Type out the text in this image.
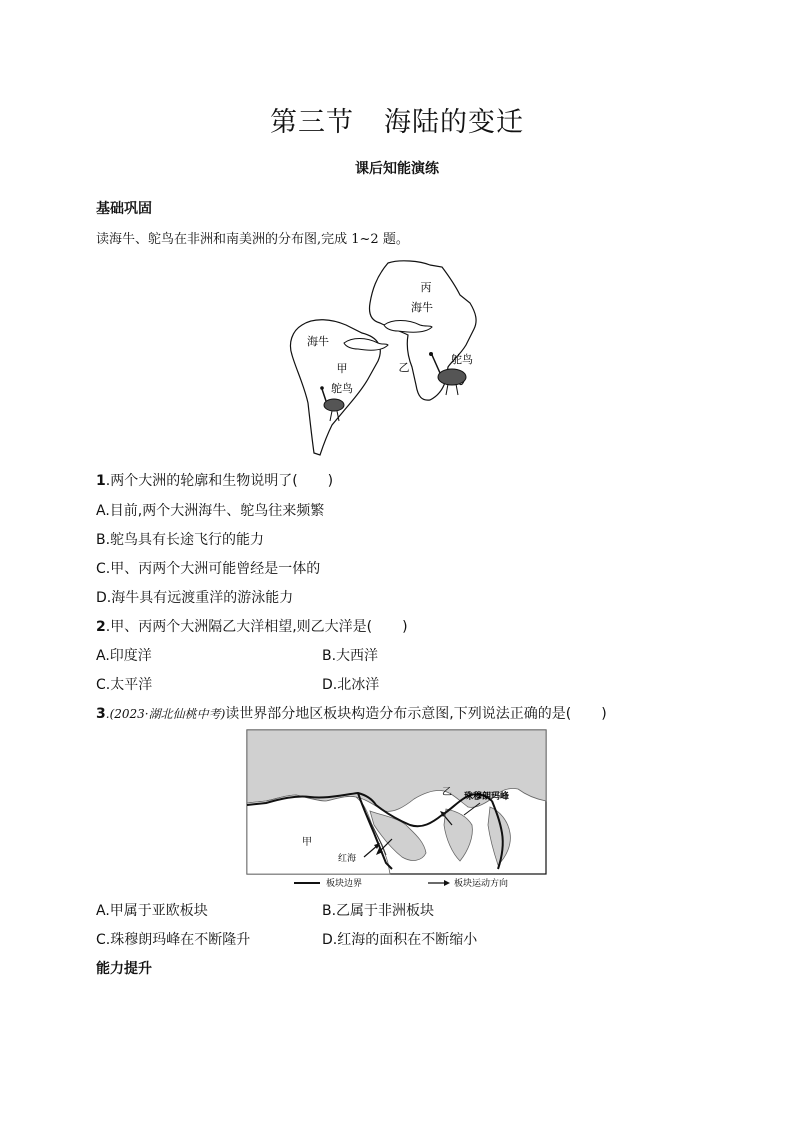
第三节 海陆的变迁
课后知能演练
基础巩固
读海牛、鸵鸟在非洲和南美洲的分布图,完成 1~2 题。
丙
海牛
海牛
甲	乙
鸵鸟
鸵鸟
1.两个大洲的轮廓和生物说明了( )
A.目前,两个大洲海牛、鸵鸟往来频繁
B.鸵鸟具有长途飞行的能力
C.甲、丙两个大洲可能曾经是一体的
D.海牛具有远渡重洋的游泳能力
2.甲、丙两个大洲隔乙大洋相望,则乙大洋是( )
A.印度洋	B.大西洋
C.太平洋	D.北冰洋
3.(2023·湖北仙桃中考)读世界部分地区板块构造分布示意图,下列说法正确的是( )
甲
乙 珠穆朗玛峰
红海
板块边界	板块运动方向
A.甲属于亚欧板块	B.乙属于非洲板块
C.珠穆朗玛峰在不断隆升	D.红海的面积在不断缩小
能力提升
